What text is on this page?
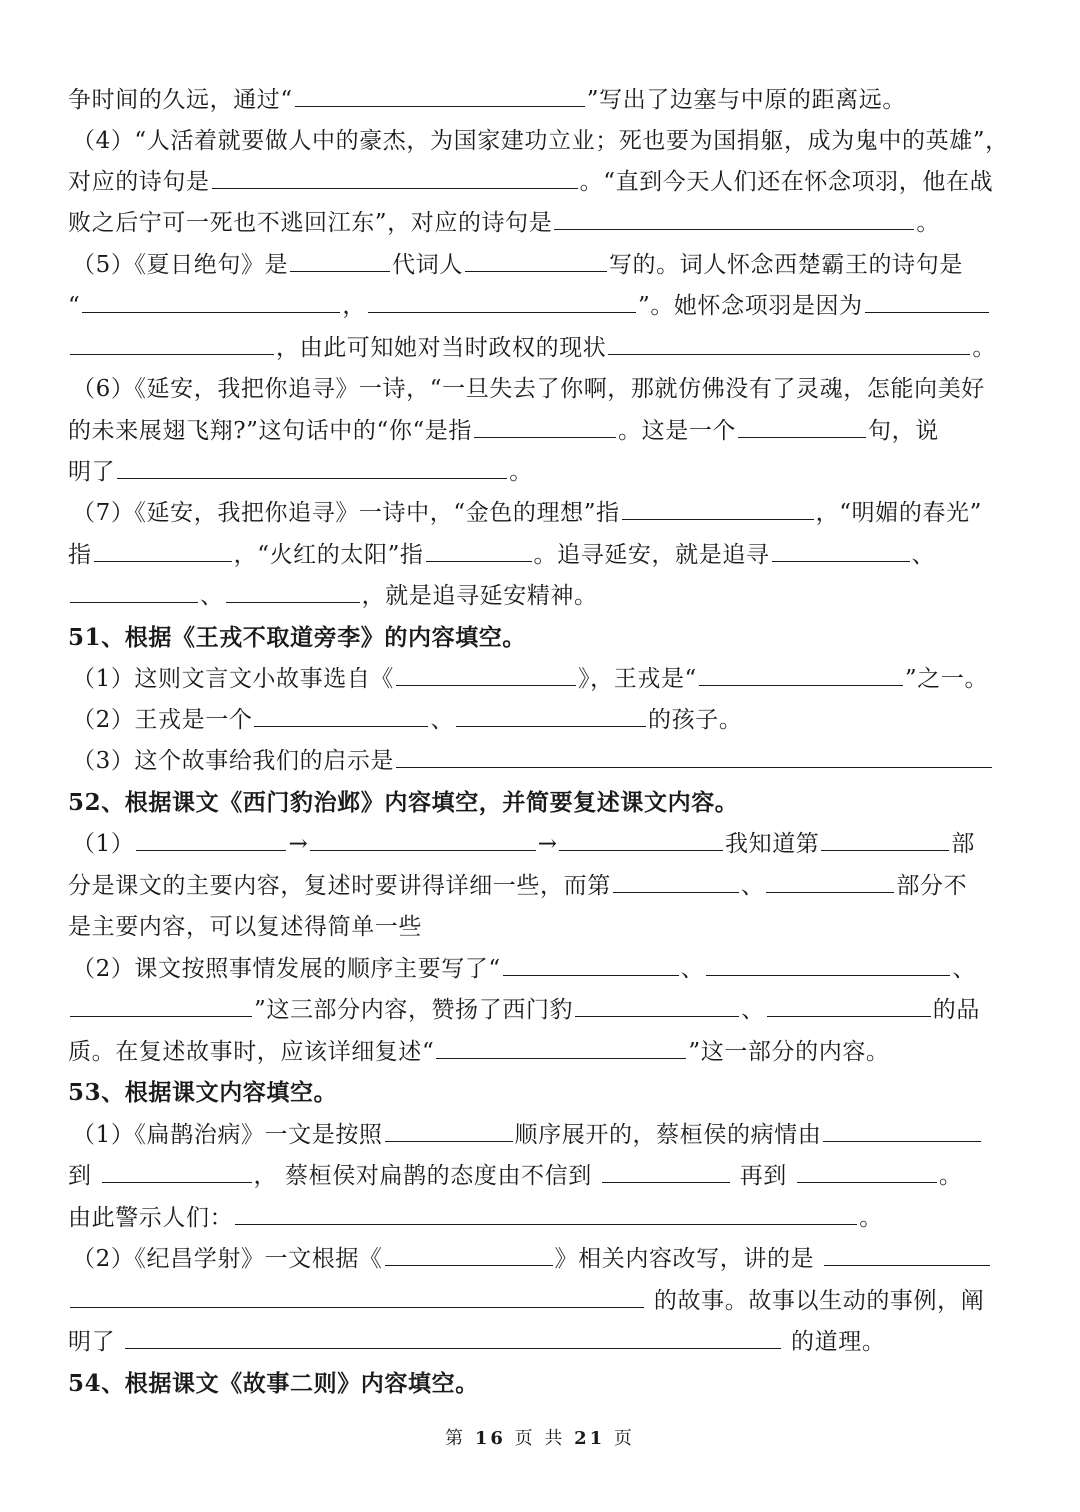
争时间的久远，通过“	”写出了边塞与中原的距离远。
（4）“人活着就要做人中的豪杰，为国家建功立业；死也要为国捐躯，成为鬼中的英雄”，
对应的诗句是	。“直到今天人们还在怀念项羽，他在战
败之后宁可一死也不逃回江东”，对应的诗句是	。
（5）《夏日绝句》是	代词人	写的。词人怀念西楚霸王的诗句是
“	，	”。她怀念项羽是因为
，由此可知她对当时政权的现状	。
（6）《延安，我把你追寻》一诗，“一旦失去了你啊，那就仿佛没有了灵魂，怎能向美好
的未来展翅飞翔?”这句话中的“你“是指	。这是一个	句，说
明了	。
（7）《延安，我把你追寻》一诗中，“金色的理想”指	，“明媚的春光”
指	，“火红的太阳”指	。追寻延安，就是追寻	、
、	，就是追寻延安精神。
51、根据《王戎不取道旁李》的内容填空。
（1）这则文言文小故事选自《	》，王戎是“	”之一。
（2）王戎是一个	、	的孩子。
（3）这个故事给我们的启示是
52、根据课文《西门豹治邺》内容填空，并简要复述课文内容。
（1）	→	→	我知道第	部
分是课文的主要内容，复述时要讲得详细一些，而第	、	部分不
是主要内容，可以复述得简单一些
（2）课文按照事情发展的顺序主要写了“	、	、
”这三部分内容，赞扬了西门豹	、	的品
质。在复述故事时，应该详细复述“	”这一部分的内容。
53、根据课文内容填空。
（1）《扁鹊治病》一文是按照	顺序展开的，蔡桓侯的病情由
到	， 蔡桓侯对扁鹊的态度由不信到	再到	。
由此警示人们：	。
（2）《纪昌学射》一文根据《	》相关内容改写，讲的是
的故事。故事以生动的事例，阐
明了	的道理。
54、根据课文《故事二则》内容填空。
第 16 页 共 21 页
